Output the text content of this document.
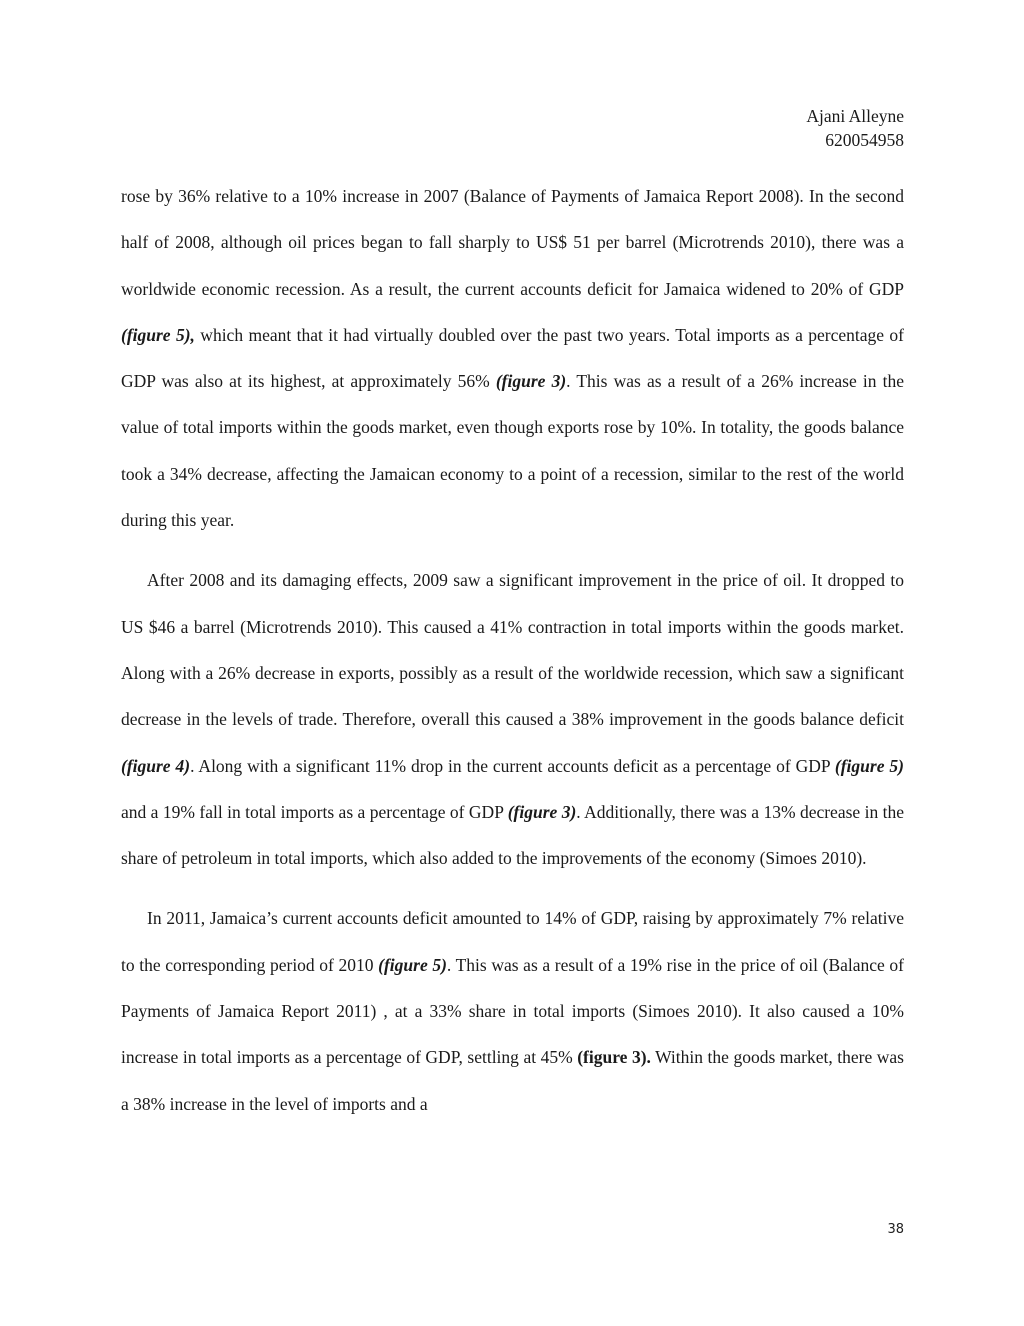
Ajani Alleyne
620054958

rose by 36% relative to a 10% increase in 2007 (Balance of Payments of Jamaica Report 2008). In the second half of 2008, although oil prices began to fall sharply to US$ 51 per barrel (Microtrends 2010), there was a worldwide economic recession. As a result, the current accounts deficit for Jamaica widened to 20% of GDP (figure 5), which meant that it had virtually doubled over the past two years. Total imports as a percentage of GDP was also at its highest, at approximately 56% (figure 3). This was as a result of a 26% increase in the value of total imports within the goods market, even though exports rose by 10%. In totality, the goods balance took a 34% decrease, affecting the Jamaican economy to a point of a recession, similar to the rest of the world during this year.

After 2008 and its damaging effects, 2009 saw a significant improvement in the price of oil. It dropped to US $46 a barrel (Microtrends 2010). This caused a 41% contraction in total imports within the goods market. Along with a 26% decrease in exports, possibly as a result of the worldwide recession, which saw a significant decrease in the levels of trade. Therefore, overall this caused a 38% improvement in the goods balance deficit (figure 4). Along with a significant 11% drop in the current accounts deficit as a percentage of GDP (figure 5) and a 19% fall in total imports as a percentage of GDP (figure 3). Additionally, there was a 13% decrease in the share of petroleum in total imports, which also added to the improvements of the economy (Simoes 2010).

In 2011, Jamaica’s current accounts deficit amounted to 14% of GDP, raising by approximately 7% relative to the corresponding period of 2010 (figure 5). This was as a result of a 19% rise in the price of oil (Balance of Payments of Jamaica Report 2011) , at a 33% share in total imports (Simoes 2010). It also caused a 10% increase in total imports as a percentage of GDP, settling at 45% (figure 3). Within the goods market, there was a 38% increase in the level of imports and a

38
